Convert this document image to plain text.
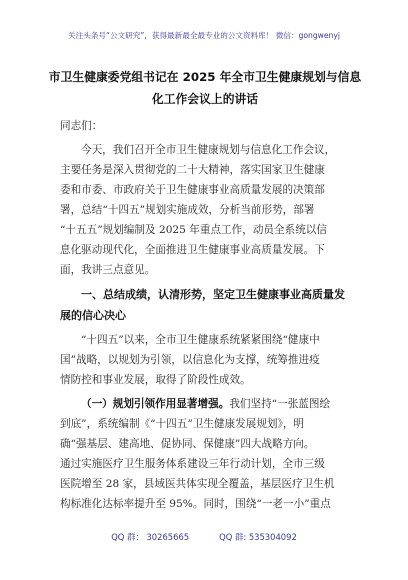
关注头条号“公文研究”，获得最新最全最专业的公文资料库！ 微信：gongwenyj
市卫生健康委党组书记在 2025 年全市卫生健康规划与信息
化工作会议上的讲话
同志们：
今天，我们召开全市卫生健康规划与信息化工作会议，
主要任务是深入贯彻党的二十大精神，落实国家卫生健康
委和市委、市政府关于卫生健康事业高质量发展的决策部
署，总结“十四五”规划实施成效，分析当前形势，部署
“十五五”规划编制及 2025 年重点工作，动员全系统以信
息化驱动现代化，全面推进卫生健康事业高质量发展。下
面，我讲三点意见。
一、总结成绩，认清形势，坚定卫生健康事业高质量发
展的信心决心
“十四五”以来，全市卫生健康系统紧紧围绕“健康中
国”战略，以规划为引领，以信息化为支撑，统筹推进疫
情防控和事业发展，取得了阶段性成效。
（一）规划引领作用显著增强。我们坚持“一张蓝图绘
到底”，系统编制《“十四五”卫生健康发展规划》，明
确“强基层、建高地、促协同、保健康”四大战略方向。
通过实施医疗卫生服务体系建设三年行动计划，全市三级
医院增至 28 家，县域医共体实现全覆盖，基层医疗卫生机
构标准化达标率提升至 95%。同时，围绕“一老一小”重点
QQ 群： 30265665	QQ 群: 535304092
